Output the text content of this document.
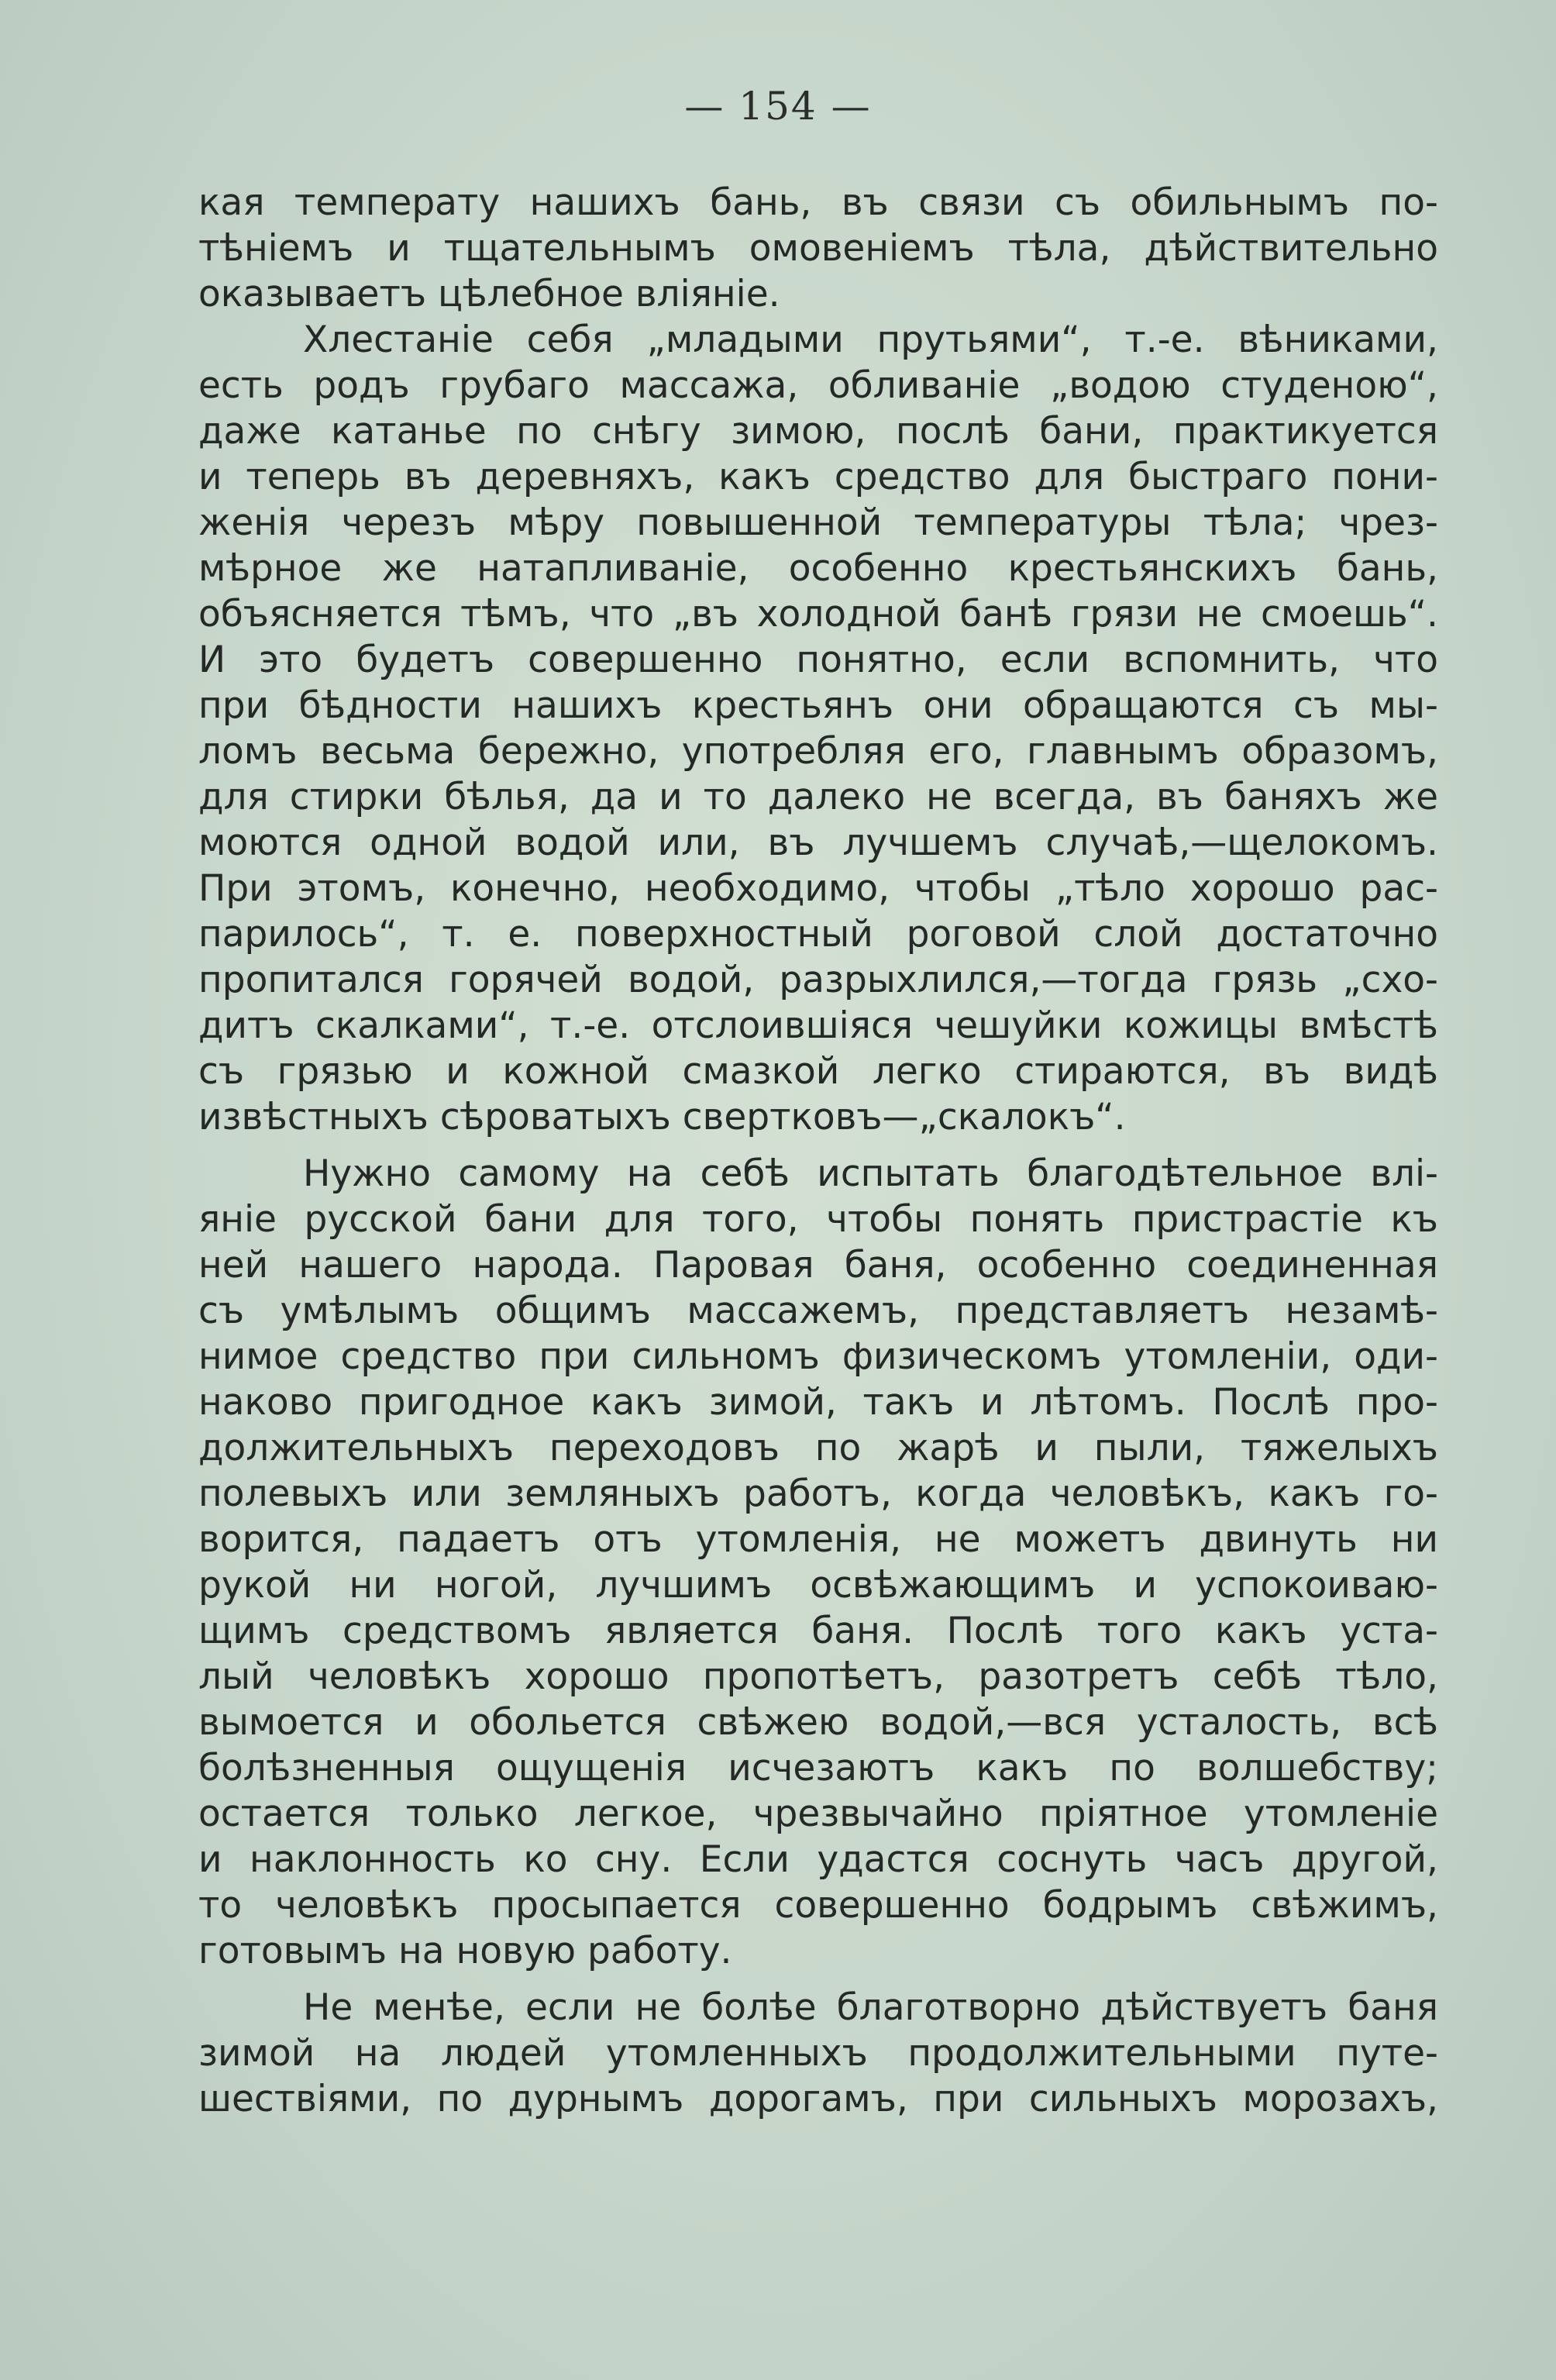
— 154 —
кая температу нашихъ бань, въ связи съ обильнымъ по-
тѣнiемъ и тщательнымъ омовенiемъ тѣла, дѣйствительно
оказываетъ цѣлебное влiянiе.
Хлестанiе себя „младыми прутьями“, т.-е. вѣниками,
есть родъ грубаго массажа, обливанiе „водою студеною“,
даже катанье по снѣгу зимою, послѣ бани, практикуется
и теперь въ деревняхъ, какъ средство для быстраго пони-
женiя черезъ мѣру повышенной температуры тѣла; чрез-
мѣрное же натапливанiе, особенно крестьянскихъ бань,
объясняется тѣмъ, что „въ холодной банѣ грязи не смоешь“.
И это будетъ совершенно понятно, если вспомнить, что
при бѣдности нашихъ крестьянъ они обращаются съ мы-
ломъ весьма бережно, употребляя его, главнымъ образомъ,
для стирки бѣлья, да и то далеко не всегда, въ баняхъ же
моются одной водой или, въ лучшемъ случаѣ,—щелокомъ.
При этомъ, конечно, необходимо, чтобы „тѣло хорошо рас-
парилось“, т. е. поверхностный роговой слой достаточно
пропитался горячей водой, разрыхлился,—тогда грязь „схо-
дитъ скалками“, т.-е. отслоившiяся чешуйки кожицы вмѣстѣ
съ грязью и кожной смазкой легко стираются, въ видѣ
извѣстныхъ сѣроватыхъ свертковъ—„скалокъ“.
Нужно самому на себѣ испытать благодѣтельное влi-
янiе русской бани для того, чтобы понять пристрастiе къ
ней нашего народа. Паровая баня, особенно соединенная
съ умѣлымъ общимъ массажемъ, представляетъ незамѣ-
нимое средство при сильномъ физическомъ утомленiи, оди-
наково пригодное какъ зимой, такъ и лѣтомъ. Послѣ про-
должительныхъ переходовъ по жарѣ и пыли, тяжелыхъ
полевыхъ или земляныхъ работъ, когда человѣкъ, какъ го-
ворится, падаетъ отъ утомленiя, не можетъ двинуть ни
рукой ни ногой, лучшимъ освѣжающимъ и успокоиваю-
щимъ средствомъ является баня. Послѣ того какъ уста-
лый человѣкъ хорошо пропотѣетъ, разотретъ себѣ тѣло,
вымоется и обольется свѣжею водой,—вся усталость, всѣ
болѣзненныя ощущенiя исчезаютъ какъ по волшебству;
остается только легкое, чрезвычайно прiятное утомленiе
и наклонность ко сну. Если удастся соснуть часъ другой,
то человѣкъ просыпается совершенно бодрымъ свѣжимъ,
готовымъ на новую работу.
Не менѣе, если не болѣе благотворно дѣйствуетъ баня
зимой на людей утомленныхъ продолжительными путе-
шествiями, по дурнымъ дорогамъ, при сильныхъ морозахъ,
